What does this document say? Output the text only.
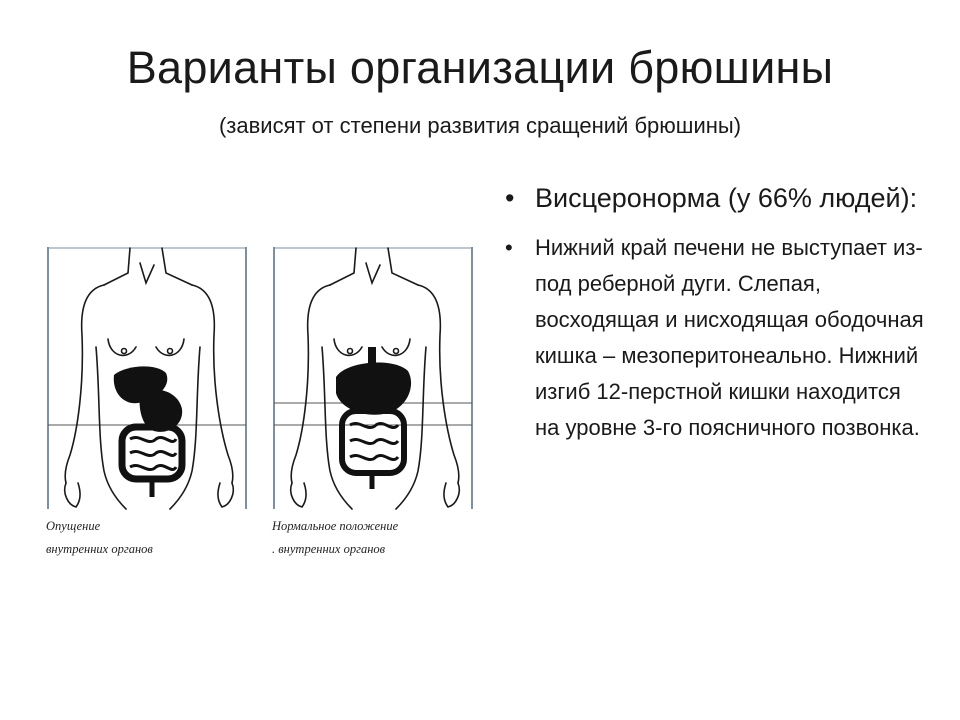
Варианты организации брюшины
(зависят от степени развития сращений брюшины)
Опущение
внутренних органов
Нормальное положение
. внутренних органов
• Висцеронорма (у 66% людей):
• Нижний край печени не выступает из-под реберной дуги. Слепая, восходящая и нисходящая ободочная кишка – мезоперитонеально. Нижний изгиб 12-перстной кишки находится на уровне 3-го поясничного позвонка.
